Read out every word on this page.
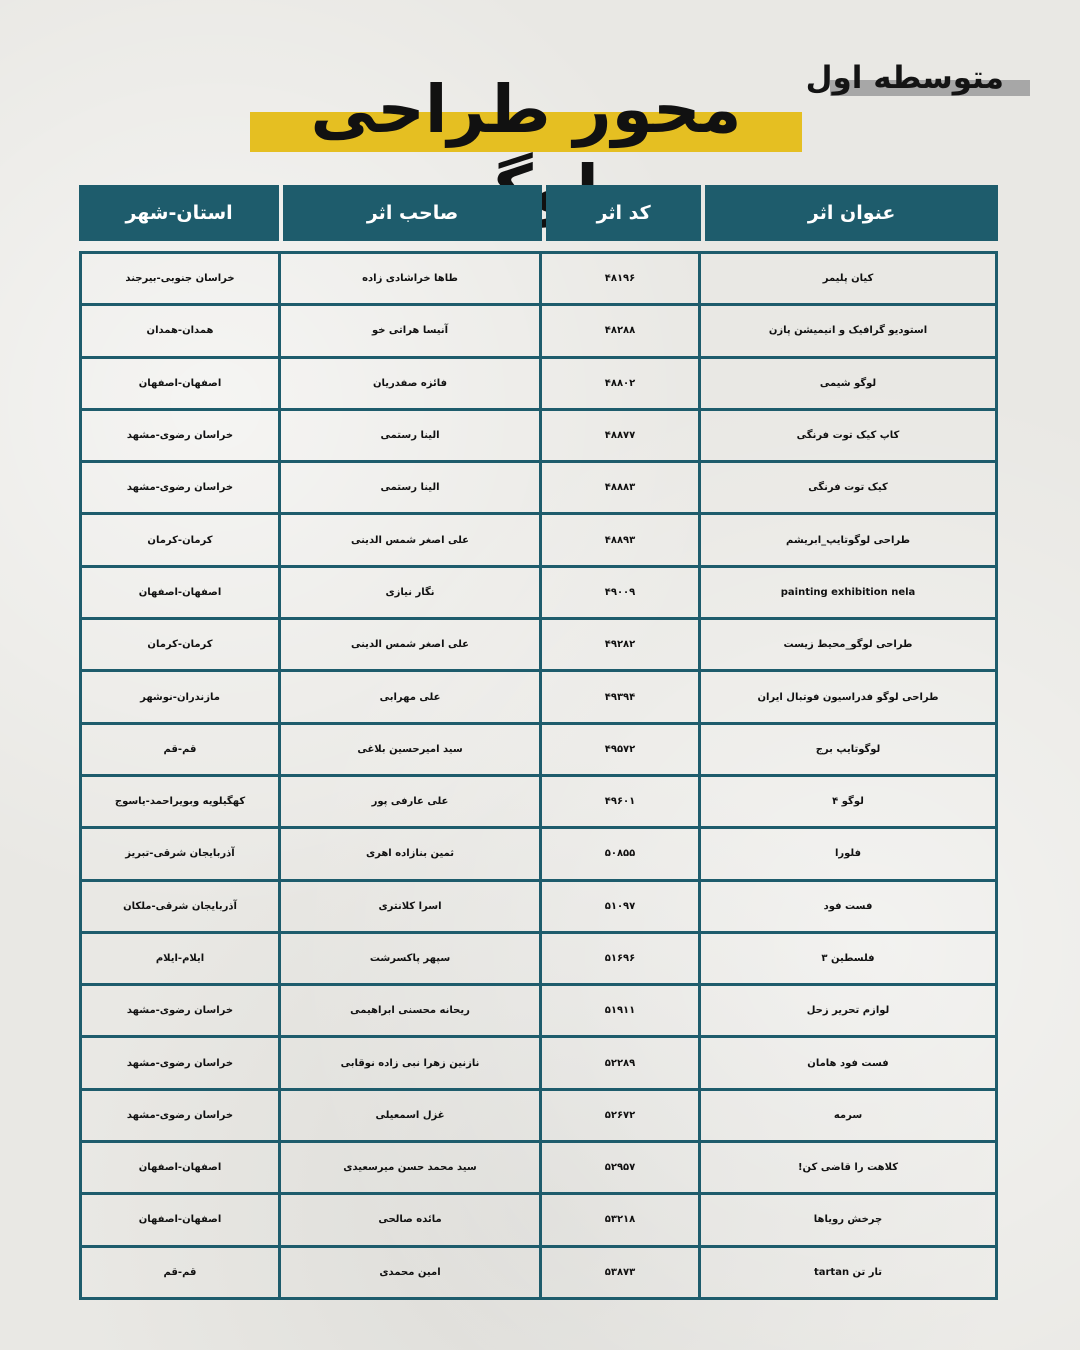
متوسطه اول
محور طراحی
عنوان اثر
کد اثر
صاحب اثر
استان-شهر
کیان پلیمر
۴۸۱۹۶
طاها خراشادی زاده
خراسان جنوبی-بیرجند
استودیو گرافیک و انیمیشن پازن
۴۸۲۸۸
آنیسا هراتی خو
همدان-همدان
لوگو شیمی
۴۸۸۰۲
فائزه صفدریان
اصفهان-اصفهان
کاپ کیک توت فرنگی
۴۸۸۷۷
الینا رستمی
خراسان رضوی-مشهد
کیک توت فرنگی
۴۸۸۸۳
الینا رستمی
خراسان رضوی-مشهد
طراحی لوگوتایپ_ابریشم
۴۸۸۹۳
علی اصغر شمس الدینی
کرمان-کرمان
painting exhibition nela
۴۹۰۰۹
نگار نیازی
اصفهان-اصفهان
طراحی لوگو_محیط زیست
۴۹۲۸۲
علی اصغر شمس الدینی
کرمان-کرمان
طراحی لوگو فدراسیون فوتبال ایران
۴۹۳۹۴
علی مهرابی
مازندران-نوشهر
لوگوتایپ برج
۴۹۵۷۲
سید امیرحسین بلاغی
قم-قم
لوگو ۴
۴۹۶۰۱
علی عارفی پور
کهگیلویه وبویراحمد-یاسوج
فلورا
۵۰۸۵۵
ثمین بنازاده اهری
آذربایجان شرقی-تبریز
فست فود
۵۱۰۹۷
اسرا کلانتری
آذربایجان شرقی-ملکان
فلسطین ۳
۵۱۶۹۶
سپهر پاکسرشت
ایلام-ایلام
لوازم تحریر زحل
۵۱۹۱۱
ریحانه محسنی ابراهیمی
خراسان رضوی-مشهد
فست فود هامان
۵۲۲۸۹
نازنین زهرا نبی زاده نوقابی
خراسان رضوی-مشهد
سرمه
۵۲۶۷۲
غزل اسمعیلی
خراسان رضوی-مشهد
کلاهت را قاضی کن!
۵۲۹۵۷
سید محمد حسن میرسعیدی
اصفهان-اصفهان
چرخش رویاها
۵۳۲۱۸
مائده صالحی
اصفهان-اصفهان
تار تن tartan
۵۳۸۷۳
امین محمدی
قم-قم
